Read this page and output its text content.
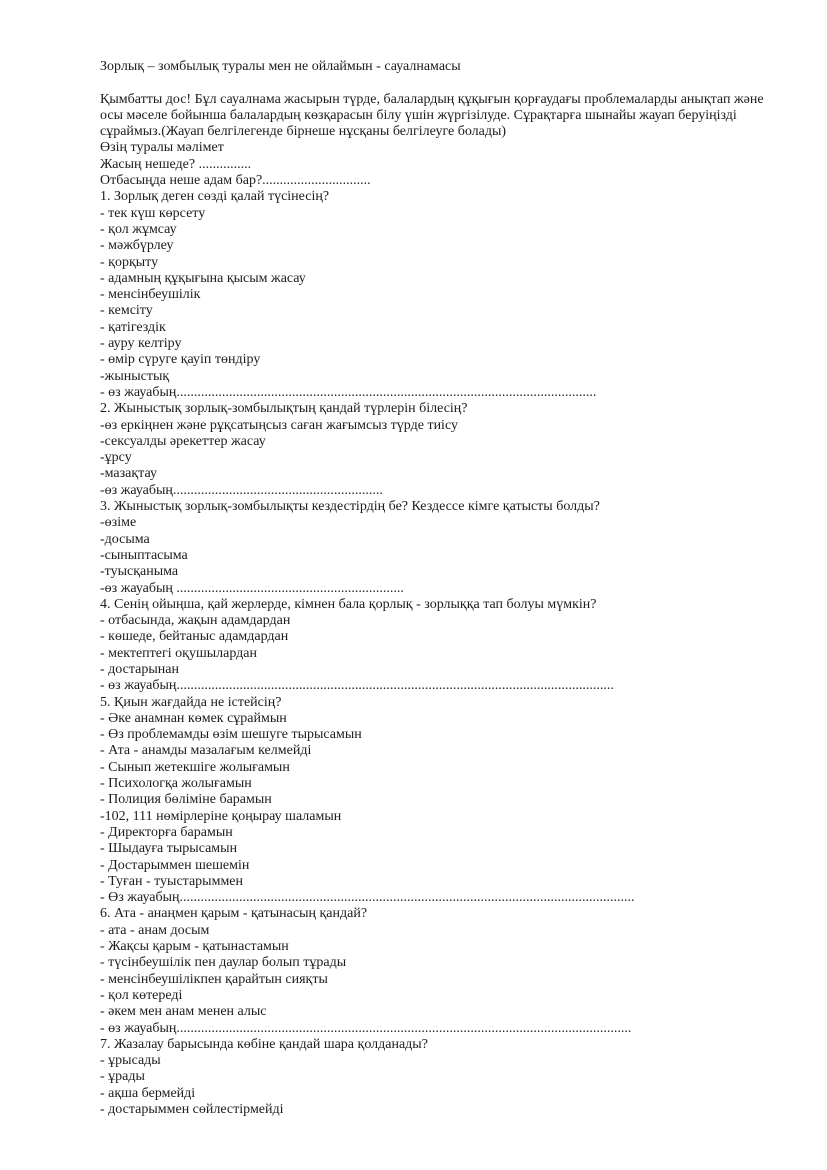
Зорлық – зомбылық туралы мен не ойлаймын - сауалнамасы

Қымбатты дос! Бұл сауалнама жасырын түрде, балалардың құқығын қорғаудағы проблемаларды анықтап және осы мәселе бойынша балалардың көзқарасын білу үшін жүргізілуде. Сұрақтарға шынайы жауап беруіңізді сұраймыз.(Жауап белгілегенде бірнеше нұсқаны белгілеуге болады)

Өзің туралы мәлімет
Жасың нешеде? ...............
Отбасыңда неше адам бар?...............................
1. Зорлық деген сөзді қалай түсінесің?
- тек күш көрсету
- қол жұмсау
- мәжбүрлеу
- қорқыту
- адамның құқығына қысым жасау
- менсінбеушілік
- кемсіту
- қатігездік
- ауру келтіру
- өмір сүруге қауіп төндіру
-жыныстық
- өз жауабың........................................................................................................................
2. Жыныстық зорлық-зомбылықтың қандай түрлерін білесің?
-өз еркіңнен және рұқсатыңсыз саған жағымсыз түрде тиісу
-сексуалды әрекеттер жасау
-ұрсу
-мазақтау
-өз жауабың............................................................
3. Жыныстық зорлық-зомбылықты кездестірдің бе? Кездессе кімге қатысты болды?
-өзіме
-досыма
-сыныптасыма
-туысқаныма
-өз жауабың .................................................................
4. Сенің ойыңша, қай жерлерде, кімнен бала қорлық - зорлыққа тап болуы мүмкін?
- отбасында, жақын адамдардан
- көшеде, бейтаныс адамдардан
- мектептегі оқушылардан
- достарынан
- өз жауабың.............................................................................................................................
5. Қиын жағдайда не істейсің?
- Әке анамнан көмек сұраймын
- Өз проблемамды өзім шешуге тырысамын
- Ата - анамды мазалағым келмейді
- Сынып жетекшіге жолығамын
- Психологқа жолығамын
- Полиция бөліміне барамын
-102, 111 нөмірлеріне қоңырау шаламын
- Директорға барамын
- Шыдауға тырысамын
- Достарыммен шешемін
- Туған - туыстарыммен
- Өз жауабың..................................................................................................................................
6. Ата - анаңмен қарым - қатынасың қандай?
- ата - анам досым
- Жақсы қарым - қатынастамын
- түсінбеушілік пен даулар болып тұрады
- менсінбеушілікпен қарайтын сияқты
- қол көтереді
- әкем мен анам менен алыс
- өз жауабың..................................................................................................................................
7. Жазалау барысында көбіне қандай шара қолданады?
- ұрысады
- ұрады
- ақша бермейді
- достарыммен сөйлестірмейді
